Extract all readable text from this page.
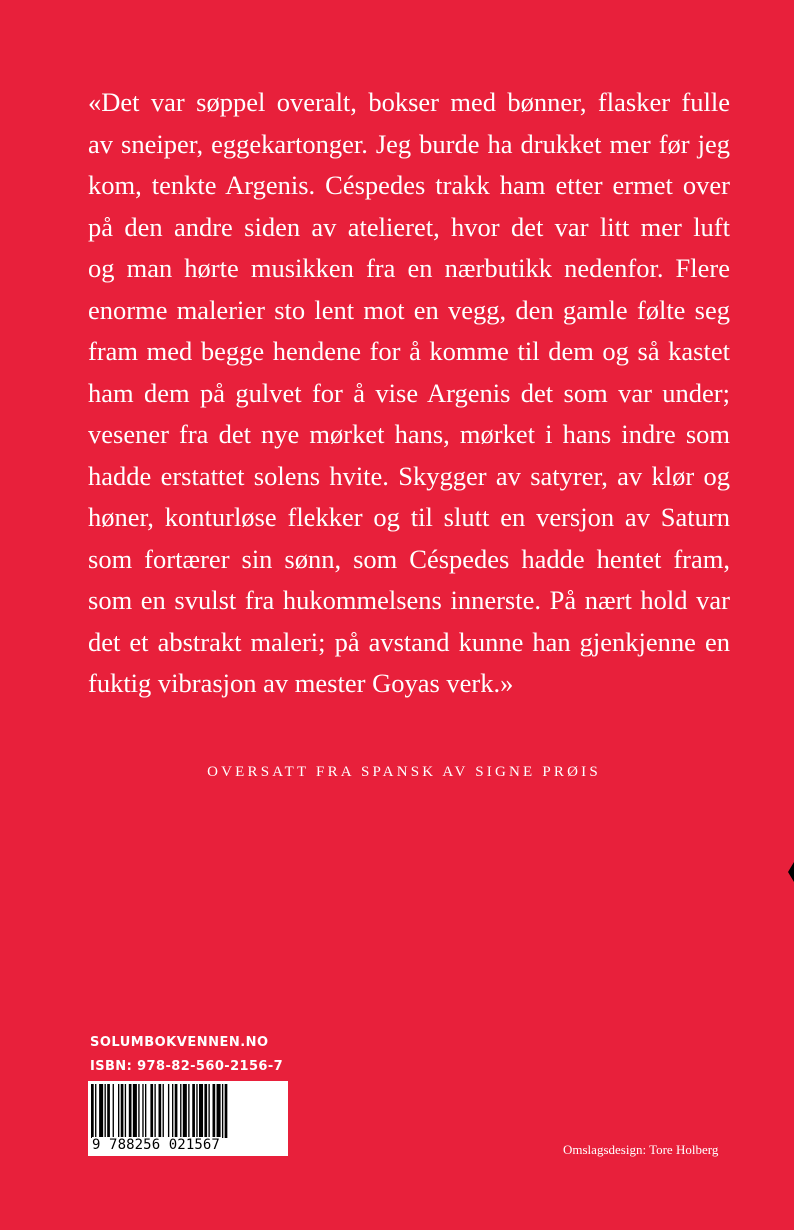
«Det var søppel overalt, bokser med bønner, flasker fulle
av sneiper, eggekartonger. Jeg burde ha drukket mer før jeg
kom, tenkte Argenis. Céspedes trakk ham etter ermet over
på den andre siden av atelieret, hvor det var litt mer luft
og man hørte musikken fra en nærbutikk nedenfor. Flere
enorme malerier sto lent mot en vegg, den gamle følte seg
fram med begge hendene for å komme til dem og så kastet
ham dem på gulvet for å vise Argenis det som var under;
vesener fra det nye mørket hans, mørket i hans indre som
hadde erstattet solens hvite. Skygger av satyrer, av klør og
høner, konturløse flekker og til slutt en versjon av Saturn
som fortærer sin sønn, som Céspedes hadde hentet fram,
som en svulst fra hukommelsens innerste. På nært hold var
det et abstrakt maleri; på avstand kunne han gjenkjenne en
fuktig vibrasjon av mester Goyas verk.»
OVERSATT FRA SPANSK AV SIGNE PRØIS
SOLUMBOKVENNEN.NO
ISBN: 978-82-560-2156-7
9 788256 021567	Omslagsdesign: Tore Holberg
